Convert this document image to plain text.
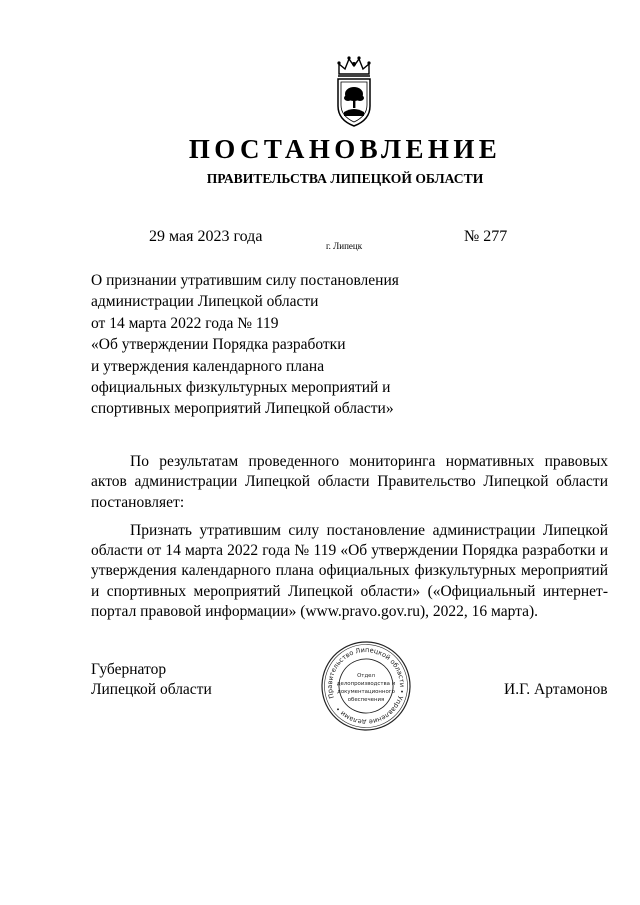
ПОСТАНОВЛЕНИЕ
ПРАВИТЕЛЬСТВА ЛИПЕЦКОЙ ОБЛАСТИ
29 мая 2023 года
г. Липецк
№ 277
О признании утратившим силу постановления
администрации Липецкой области
от 14 марта 2022 года № 119
«Об утверждении Порядка разработки
и утверждения календарного плана
официальных физкультурных мероприятий и
спортивных мероприятий Липецкой области»

По результатам проведенного мониторинга нормативных правовых актов администрации Липецкой области Правительство Липецкой области постановляет:

Признать утратившим силу постановление администрации Липецкой области от 14 марта 2022 года № 119 «Об утверждении Порядка разработки и утверждения календарного плана официальных физкультурных мероприятий и спортивных мероприятий Липецкой области» («Официальный интернет-портал правовой информации» (www.pravo.gov.ru), 2022, 16 марта).

Губернатор
Липецкой области	Правительство Липецкой области • Управление делами •
Отдел
делопроизводства и
документационного
обеспечения
И.Г. Артамонов
